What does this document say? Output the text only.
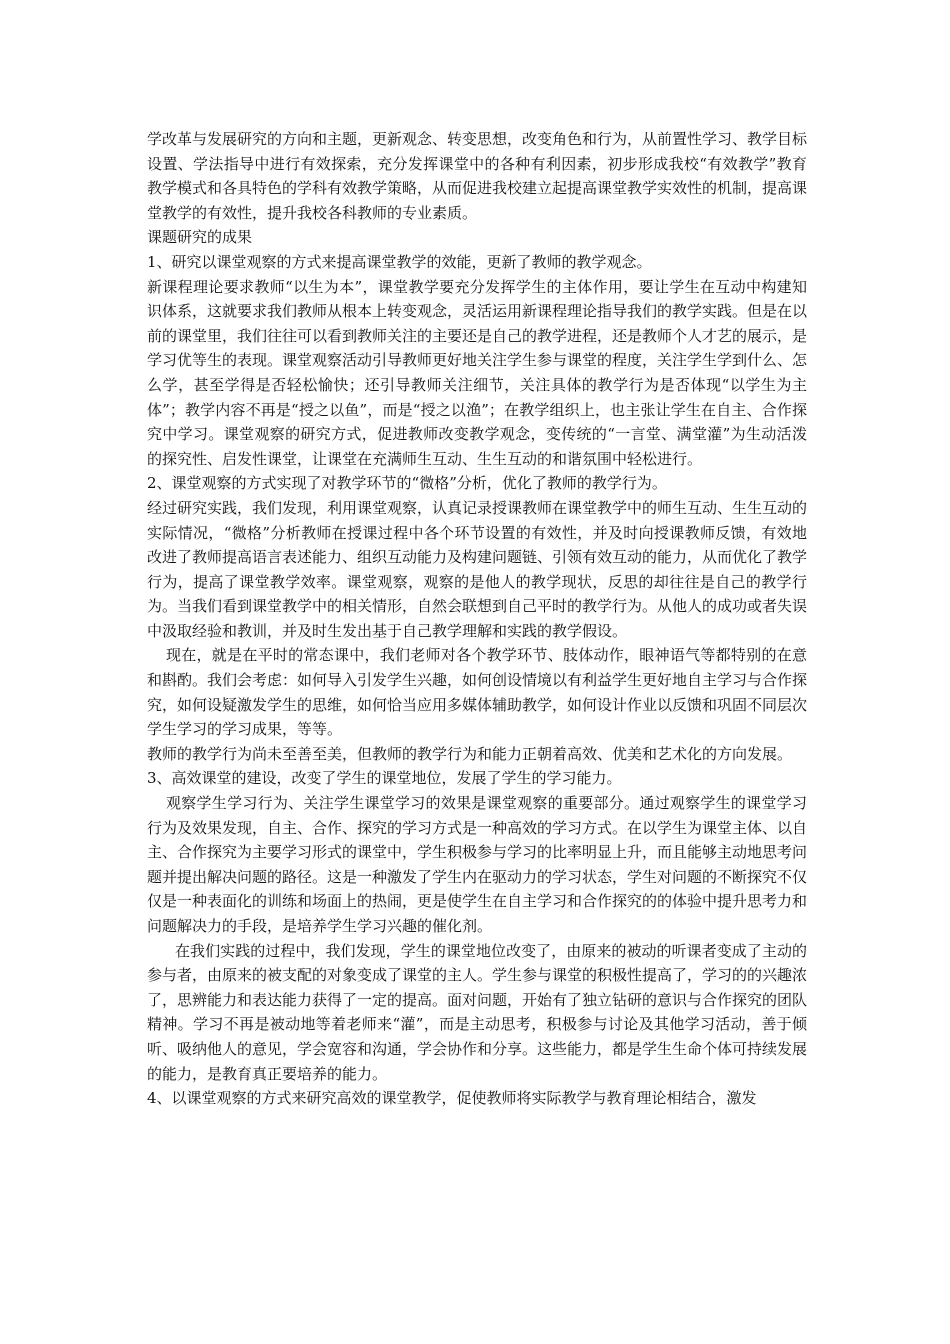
学改革与发展研究的方向和主题，更新观念、转变思想，改变角色和行为，从前置性学习、教学目标设置、学法指导中进行有效探索，充分发挥课堂中的各种有利因素，初步形成我校“有效教学”教育教学模式和各具特色的学科有效教学策略，从而促进我校建立起提高课堂教学实效性的机制，提高课堂教学的有效性，提升我校各科教师的专业素质。

课题研究的成果

1、研究以课堂观察的方式来提高课堂教学的效能，更新了教师的教学观念。

新课程理论要求教师“以生为本”，课堂教学要充分发挥学生的主体作用，要让学生在互动中构建知识体系，这就要求我们教师从根本上转变观念，灵活运用新课程理论指导我们的教学实践。但是在以前的课堂里，我们往往可以看到教师关注的主要还是自己的教学进程，还是教师个人才艺的展示，是学习优等生的表现。课堂观察活动引导教师更好地关注学生参与课堂的程度，关注学生学到什么、怎么学，甚至学得是否轻松愉快；还引导教师关注细节，关注具体的教学行为是否体现“以学生为主体”；教学内容不再是“授之以鱼”，而是“授之以渔”；在教学组织上，也主张让学生在自主、合作探究中学习。课堂观察的研究方式，促进教师改变教学观念，变传统的“一言堂、满堂灌”为生动活泼的探究性、启发性课堂，让课堂在充满师生互动、生生互动的和谐氛围中轻松进行。

2、课堂观察的方式实现了对教学环节的“微格”分析，优化了教师的教学行为。

经过研究实践，我们发现，利用课堂观察，认真记录授课教师在课堂教学中的师生互动、生生互动的实际情况，“微格”分析教师在授课过程中各个环节设置的有效性，并及时向授课教师反馈，有效地改进了教师提高语言表述能力、组织互动能力及构建问题链、引领有效互动的能力，从而优化了教学行为，提高了课堂教学效率。课堂观察，观察的是他人的教学现状，反思的却往往是自己的教学行为。当我们看到课堂教学中的相关情形，自然会联想到自己平时的教学行为。从他人的成功或者失误中汲取经验和教训，并及时生发出基于自己教学理解和实践的教学假设。

现在，就是在平时的常态课中，我们老师对各个教学环节、肢体动作，眼神语气等都特别的在意和斟酌。我们会考虑：如何导入引发学生兴趣，如何创设情境以有利益学生更好地自主学习与合作探究，如何设疑激发学生的思维，如何恰当应用多媒体辅助教学，如何设计作业以反馈和巩固不同层次学生学习的学习成果，等等。

教师的教学行为尚未至善至美，但教师的教学行为和能力正朝着高效、优美和艺术化的方向发展。

3、高效课堂的建设，改变了学生的课堂地位，发展了学生的学习能力。

观察学生学习行为、关注学生课堂学习的效果是课堂观察的重要部分。通过观察学生的课堂学习行为及效果发现，自主、合作、探究的学习方式是一种高效的学习方式。在以学生为课堂主体、以自主、合作探究为主要学习形式的课堂中，学生积极参与学习的比率明显上升，而且能够主动地思考问题并提出解决问题的路径。这是一种激发了学生内在驱动力的学习状态，学生对问题的不断探究不仅仅是一种表面化的训练和场面上的热闹，更是使学生在自主学习和合作探究的的体验中提升思考力和问题解决力的手段，是培养学生学习兴趣的催化剂。

在我们实践的过程中，我们发现，学生的课堂地位改变了，由原来的被动的听课者变成了主动的参与者，由原来的被支配的对象变成了课堂的主人。学生参与课堂的积极性提高了，学习的的兴趣浓了，思辨能力和表达能力获得了一定的提高。面对问题，开始有了独立钻研的意识与合作探究的团队精神。学习不再是被动地等着老师来“灌”，而是主动思考，积极参与讨论及其他学习活动，善于倾听、吸纳他人的意见，学会宽容和沟通，学会协作和分享。这些能力，都是学生生命个体可持续发展的能力，是教育真正要培养的能力。

4、以课堂观察的方式来研究高效的课堂教学，促使教师将实际教学与教育理论相结合，激发
